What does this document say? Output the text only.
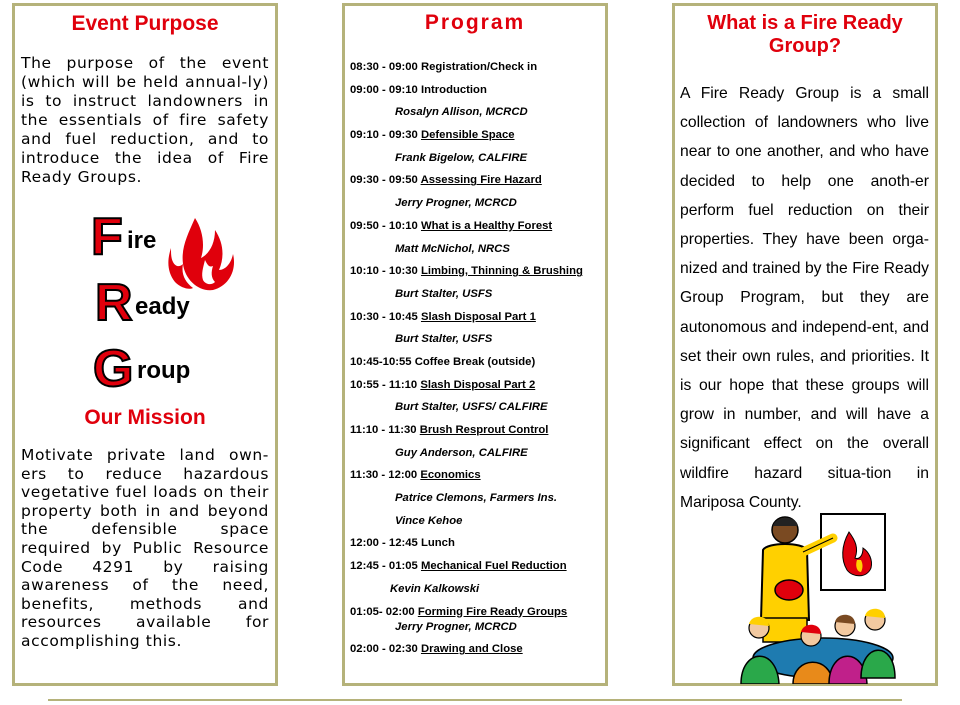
Event Purpose
The purpose of the event (which will be held annual-ly) is to instruct landowners in the essentials of fire safety and fuel reduction, and to introduce the idea of Fire Ready Groups.
F ire
R eady
G roup
Our Mission
Motivate private land own-ers to reduce hazardous vegetative fuel loads on their property both in and beyond the defensible space required by Public Resource Code 4291 by raising awareness of the need, benefits, methods and resources available for accomplishing this.
Program
08:30 - 09:00 Registration/Check in
09:00 - 09:10 Introduction
Rosalyn Allison, MCRCD
09:10 - 09:30 Defensible Space
Frank Bigelow, CALFIRE
09:30 - 09:50 Assessing Fire Hazard
Jerry Progner, MCRCD
09:50 - 10:10 What is a Healthy Forest
Matt McNichol, NRCS
10:10 - 10:30 Limbing, Thinning & Brushing
Burt Stalter, USFS
10:30 - 10:45 Slash Disposal Part 1
Burt Stalter, USFS
10:45-10:55 Coffee Break (outside)
10:55 - 11:10 Slash Disposal Part 2
Burt Stalter, USFS/ CALFIRE
11:10 - 11:30 Brush Resprout Control
Guy Anderson, CALFIRE
11:30 - 12:00 Economics
Patrice Clemons, Farmers Ins.
Vince Kehoe
12:00 - 12:45 Lunch
12:45 - 01:05 Mechanical Fuel Reduction
Kevin Kalkowski
01:05- 02:00 Forming Fire Ready Groups
Jerry Progner, MCRCD
02:00 - 02:30 Drawing and Close
What is a Fire Ready
Group?
A Fire Ready Group is a small collection of landowners who live near to one another, and who have decided to help one anoth-er perform fuel reduction on their properties. They have been orga-nized and trained by the Fire Ready Group Program, but they are autonomous and independ-ent, and set their own rules, and priorities. It is our hope that these groups will grow in number, and will have a significant effect on the overall wildfire hazard situa-tion in Mariposa County.
